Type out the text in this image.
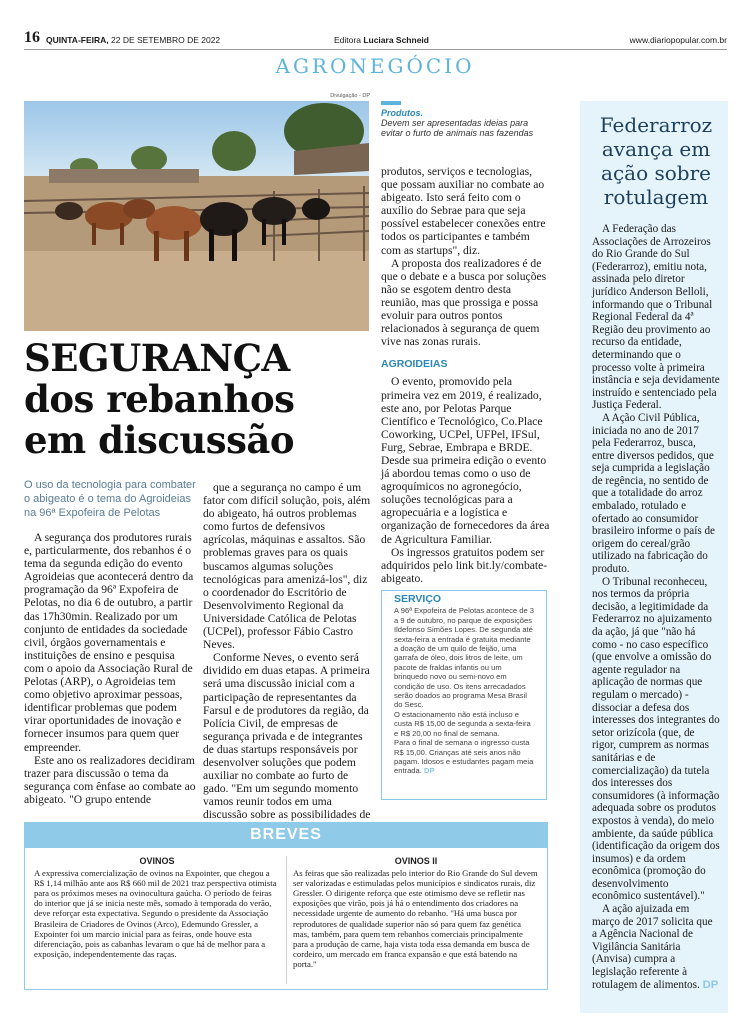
16 QUINTA-FEIRA, 22 DE SETEMBRO DE 2022	Editora Luciara Schneid	www.diariopopular.com.br
AGRONEGÓCIO
Divulgação - DP
Produtos.
Devem ser apresentadas ideias para evitar o furto de animais nas fazendas
SEGURANÇA
dos rebanhos
em discussão
O uso da tecnologia para combater o abigeato é o tema do Agroideias na 96ª Expofeira de Pelotas

A segurança dos produtores rurais e, particularmente, dos rebanhos é o tema da segunda edição do evento Agroideias que acontecerá dentro da programação da 96ª Expofeira de Pelotas, no dia 6 de outubro, a partir das 17h30min. Realizado por um conjunto de entidades da sociedade civil, órgãos governamentais e instituições de ensino e pesquisa com o apoio da Associação Rural de Pelotas (ARP), o Agroideias tem como objetivo aproximar pessoas, identificar problemas que podem virar oportunidades de inovação e fornecer insumos para quem quer empreender.

Este ano os realizadores decidiram trazer para discussão o tema da segurança com ênfase ao combate ao abigeato. "O grupo entende

que a segurança no campo é um fator com difícil solução, pois, além do abigeato, há outros problemas como furtos de defensivos agrícolas, máquinas e assaltos. São problemas graves para os quais buscamos algumas soluções tecnológicas para amenizá-los", diz o coordenador do Escritório de Desenvolvimento Regional da Universidade Católica de Pelotas (UCPel), professor Fábio Castro Neves.

Conforme Neves, o evento será dividido em duas etapas. A primeira será uma discussão inicial com a participação de representantes da Farsul e de produtores da região, da Polícia Civil, de empresas de segurança privada e de integrantes de duas startups responsáveis por desenvolver soluções que podem auxiliar no combate ao furto de gado. "Em um segundo momento vamos reunir todos em uma discussão sobre as possibilidades de

produtos, serviços e tecnologias, que possam auxiliar no combate ao abigeato. Isto será feito com o auxílio do Sebrae para que seja possível estabelecer conexões entre todos os participantes e também com as startups", diz.

A proposta dos realizadores é de que o debate e a busca por soluções não se esgotem dentro desta reunião, mas que prossiga e possa evoluir para outros pontos relacionados à segurança de quem vive nas zonas rurais.

AGROIDEIAS

O evento, promovido pela primeira vez em 2019, é realizado, este ano, por Pelotas Parque Científico e Tecnológico, Co.Place Coworking, UCPel, UFPel, IFSul, Furg, Sebrae, Embrapa e BRDE. Desde sua primeira edição o evento já abordou temas como o uso de agroquímicos no agronegócio, soluções tecnológicas para a agropecuária e a logística e organização de fornecedores da área de Agricultura Familiar.

Os ingressos gratuitos podem ser adquiridos pelo link bit.ly/combate-abigeato.

SERVIÇO
A 96ª Expofeira de Pelotas acontece de 3 a 9 de outubro, no parque de exposições Ildefonso Simões Lopes. De segunda até sexta-feira a entrada é gratuita mediante a doação de um quilo de feijão, uma garrafa de óleo, dois litros de leite, um pacote de fraldas infantis ou um brinquedo novo ou semi-novo em condição de uso. Os itens arrecadados serão doados ao programa Mesa Brasil do Sesc.
O estacionamento não está incluso e custa R$ 15,00 de segunda a sexta-feira e R$ 20,00 no final de semana.
Para o final de semana o ingresso custa R$ 15,00. Crianças até seis anos não pagam. Idosos e estudantes pagam meia entrada. DP
Federarroz avança em ação sobre rotulagem

A Federação das Associações de Arrozeiros do Rio Grande do Sul (Federarroz), emitiu nota, assinada pelo diretor jurídico Anderson Belloli, informando que o Tribunal Regional Federal da 4ª Região deu provimento ao recurso da entidade, determinando que o processo volte à primeira instância e seja devidamente instruído e sentenciado pela Justiça Federal.

A Ação Civil Pública, iniciada no ano de 2017 pela Federarroz, busca, entre diversos pedidos, que seja cumprida a legislação de regência, no sentido de que a totalidade do arroz embalado, rotulado e ofertado ao consumidor brasileiro informe o país de origem do cereal/grão utilizado na fabricação do produto.

O Tribunal reconheceu, nos termos da própria decisão, a legitimidade da Federarroz no ajuizamento da ação, já que "não há como - no caso específico (que envolve a omissão do agente regulador na aplicação de normas que regulam o mercado) - dissociar a defesa dos interesses dos integrantes do setor orizícola (que, de rigor, cumprem as normas sanitárias e de comercialização) da tutela dos interesses dos consumidores (à informação adequada sobre os produtos expostos à venda), do meio ambiente, da saúde pública (identificação da origem dos insumos) e da ordem econômica (promoção do desenvolvimento econômico sustentável)."

A ação ajuizada em março de 2017 solicita que a Agência Nacional de Vigilância Sanitária (Anvisa) cumpra a legislação referente à rotulagem de alimentos. DP

BREVES
OVINOS
A expressiva comercialização de ovinos na Expointer, que chegou a R$ 1,14 milhão ante aos R$ 660 mil de 2021 traz perspectiva otimista para os próximos meses na ovinocultura gaúcha. O período de feiras do interior que já se inicia neste mês, somado à temporada do verão, deve reforçar esta expectativa. Segundo o presidente da Associação Brasileira de Criadores de Ovinos (Arco), Edemundo Gressler, a Expointer foi um marcio inicial para as feiras, onde houve esta diferenciação, pois as cabanhas levaram o que há de melhor para a exposição, independentemente das raças.
OVINOS II
As feiras que são realizadas pelo interior do Rio Grande do Sul devem ser valorizadas e estimuladas pelos municípios e sindicatos rurais, diz Gressler. O dirigente reforça que este otimismo deve se refletir nas exposições que virão, pois já há o entendimento dos criadores na necessidade urgente de aumento do rebanho. "Há uma busca por reprodutores de qualidade superior não só para quem faz genética mas, também, para quem tem rebanhos comerciais principalmente para a produção de carne, haja vista toda essa demanda em busca de cordeiro, um mercado em franca expansão e que está batendo na porta."
